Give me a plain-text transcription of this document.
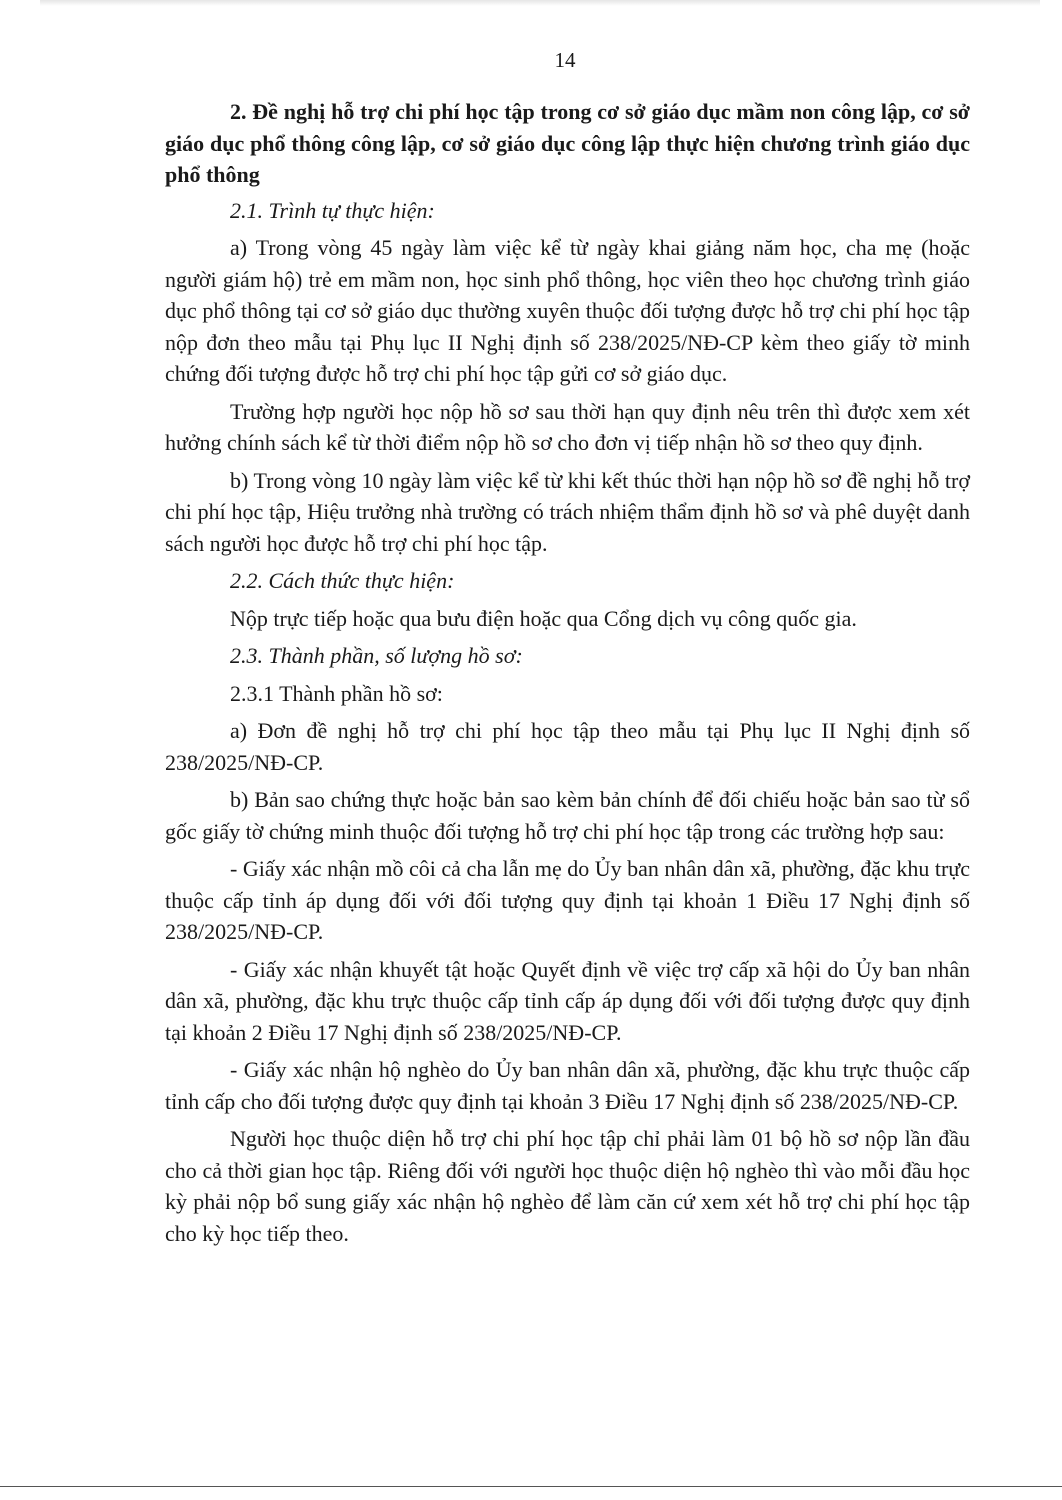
14
2. Đề nghị hỗ trợ chi phí học tập trong cơ sở giáo dục mầm non công lập, cơ sở giáo dục phổ thông công lập, cơ sở giáo dục công lập thực hiện chương trình giáo dục phổ thông

2.1. Trình tự thực hiện:

a) Trong vòng 45 ngày làm việc kể từ ngày khai giảng năm học, cha mẹ (hoặc người giám hộ) trẻ em mầm non, học sinh phổ thông, học viên theo học chương trình giáo dục phổ thông tại cơ sở giáo dục thường xuyên thuộc đối tượng được hỗ trợ chi phí học tập nộp đơn theo mẫu tại Phụ lục II Nghị định số 238/2025/NĐ-CP kèm theo giấy tờ minh chứng đối tượng được hỗ trợ chi phí học tập gửi cơ sở giáo dục.

Trường hợp người học nộp hồ sơ sau thời hạn quy định nêu trên thì được xem xét hưởng chính sách kể từ thời điểm nộp hồ sơ cho đơn vị tiếp nhận hồ sơ theo quy định.

b) Trong vòng 10 ngày làm việc kể từ khi kết thúc thời hạn nộp hồ sơ đề nghị hỗ trợ chi phí học tập, Hiệu trưởng nhà trường có trách nhiệm thẩm định hồ sơ và phê duyệt danh sách người học được hỗ trợ chi phí học tập.

2.2. Cách thức thực hiện:

Nộp trực tiếp hoặc qua bưu điện hoặc qua Cổng dịch vụ công quốc gia.

2.3. Thành phần, số lượng hồ sơ:

2.3.1 Thành phần hồ sơ:

a) Đơn đề nghị hỗ trợ chi phí học tập theo mẫu tại Phụ lục II Nghị định số 238/2025/NĐ-CP.

b) Bản sao chứng thực hoặc bản sao kèm bản chính để đối chiếu hoặc bản sao từ sổ gốc giấy tờ chứng minh thuộc đối tượng hỗ trợ chi phí học tập trong các trường hợp sau:

- Giấy xác nhận mồ côi cả cha lẫn mẹ do Ủy ban nhân dân xã, phường, đặc khu trực thuộc cấp tỉnh áp dụng đối với đối tượng quy định tại khoản 1 Điều 17 Nghị định số 238/2025/NĐ-CP.

- Giấy xác nhận khuyết tật hoặc Quyết định về việc trợ cấp xã hội do Ủy ban nhân dân xã, phường, đặc khu trực thuộc cấp tỉnh cấp áp dụng đối với đối tượng được quy định tại khoản 2 Điều 17 Nghị định số 238/2025/NĐ-CP.

- Giấy xác nhận hộ nghèo do Ủy ban nhân dân xã, phường, đặc khu trực thuộc cấp tỉnh cấp cho đối tượng được quy định tại khoản 3 Điều 17 Nghị định số 238/2025/NĐ-CP.

Người học thuộc diện hỗ trợ chi phí học tập chỉ phải làm 01 bộ hồ sơ nộp lần đầu cho cả thời gian học tập. Riêng đối với người học thuộc diện hộ nghèo thì vào mỗi đầu học kỳ phải nộp bổ sung giấy xác nhận hộ nghèo để làm căn cứ xem xét hỗ trợ chi phí học tập cho kỳ học tiếp theo.
